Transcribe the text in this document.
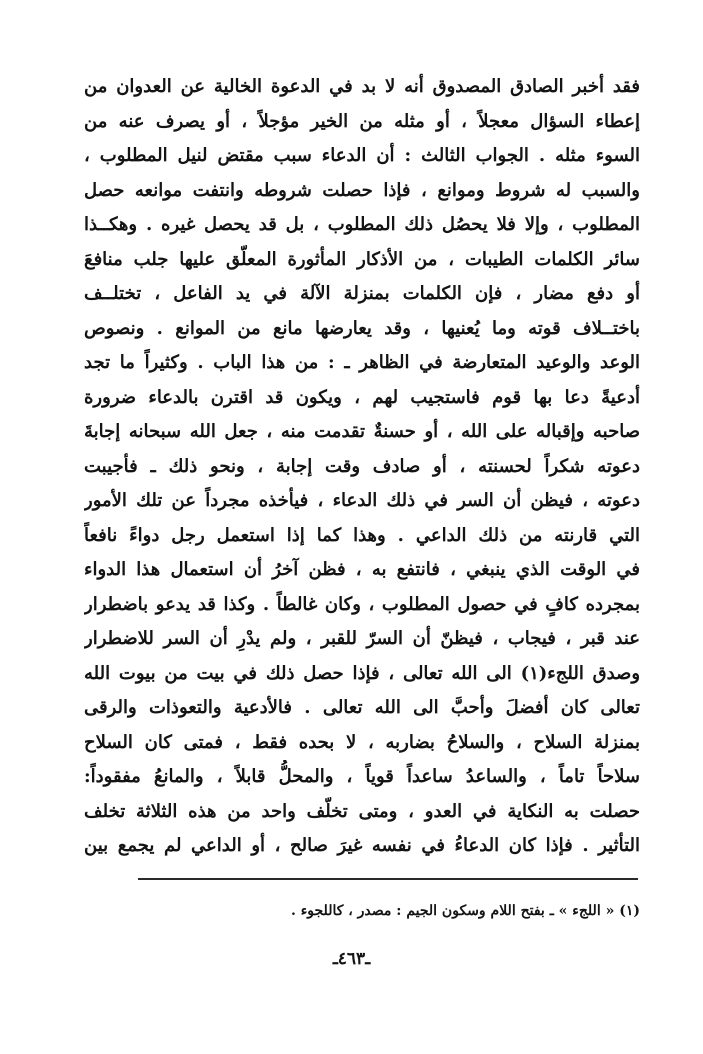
فقد أخبر الصادق المصدوق أنه لا بد في الدعوة الخالية عن العدوان من
إعطاء السؤال معجلاً ، أو مثله من الخير مؤجلاً ، أو يصرف عنه من
السوء مثله . الجواب الثالث : أن الدعاء سبب مقتض لنيل المطلوب ،
والسبب له شروط وموانع ، فإذا حصلت شروطه وانتفت موانعه حصل
المطلوب ، وإلا فلا يحصُل ذلك المطلوب ، بل قد يحصل غيره . وهكــذا
سائر الكلمات الطيبات ، من الأذكار المأثورة المعلّق عليها جلب منافعَ
أو دفع مضار ، فإن الكلمات بمنزلة الآلة في يد الفاعل ، تختلــف
باختــلاف قوته وما يُعنيها ، وقد يعارضها مانع من الموانع . ونصوص
الوعد والوعيد المتعارضة في الظاهر ـ : من هذا الباب . وكثيراً ما تجد
أدعيةً دعا بها قوم فاستجيب لهم ، ويكون قد اقترن بالدعاء ضرورة
صاحبه وإقباله على الله ، أو حسنةٌ تقدمت منه ، جعل الله سبحانه إجابةَ
دعوته شكراً لحسنته ، أو صادف وقت إجابة ، ونحو ذلك ـ فأجيبت
دعوته ، فيظن أن السر في ذلك الدعاء ، فيأخذه مجرداً عن تلك الأمور
التي قارنته من ذلك الداعي . وهذا كما إذا استعمل رجل دواءً نافعاً
في الوقت الذي ينبغي ، فانتفع به ، فظن آخرُ أن استعمال هذا الدواء
بمجرده كافٍ في حصول المطلوب ، وكان غالطاً . وكذا قد يدعو باضطرار
عند قبر ، فيجاب ، فيظنّ أن السرّ للقبر ، ولم يدْرِ أن السر للاضطرار
وصدق اللجء(١) الى الله تعالى ، فإذا حصل ذلك في بيت من بيوت الله
تعالى كان أفضلَ وأحبَّ الى الله تعالى . فالأدعية والتعوذات والرقى
بمنزلة السلاح ، والسلاحُ بضاربه ، لا بحده فقط ، فمتى كان السلاح
سلاحاً تاماً ، والساعدُ ساعداً قوياً ، والمحلُّ قابلاً ، والمانعُ مفقوداً:
حصلت به النكاية في العدو ، ومتى تخلّف واحد من هذه الثلاثة تخلف
التأثير . فإذا كان الدعاءُ في نفسه غيرَ صالح ، أو الداعي لم يجمع بين
(١) « اللجء » ـ بفتح اللام وسكون الجيم : مصدر ، كاللجوء .
ـ٤٦٣ـ
